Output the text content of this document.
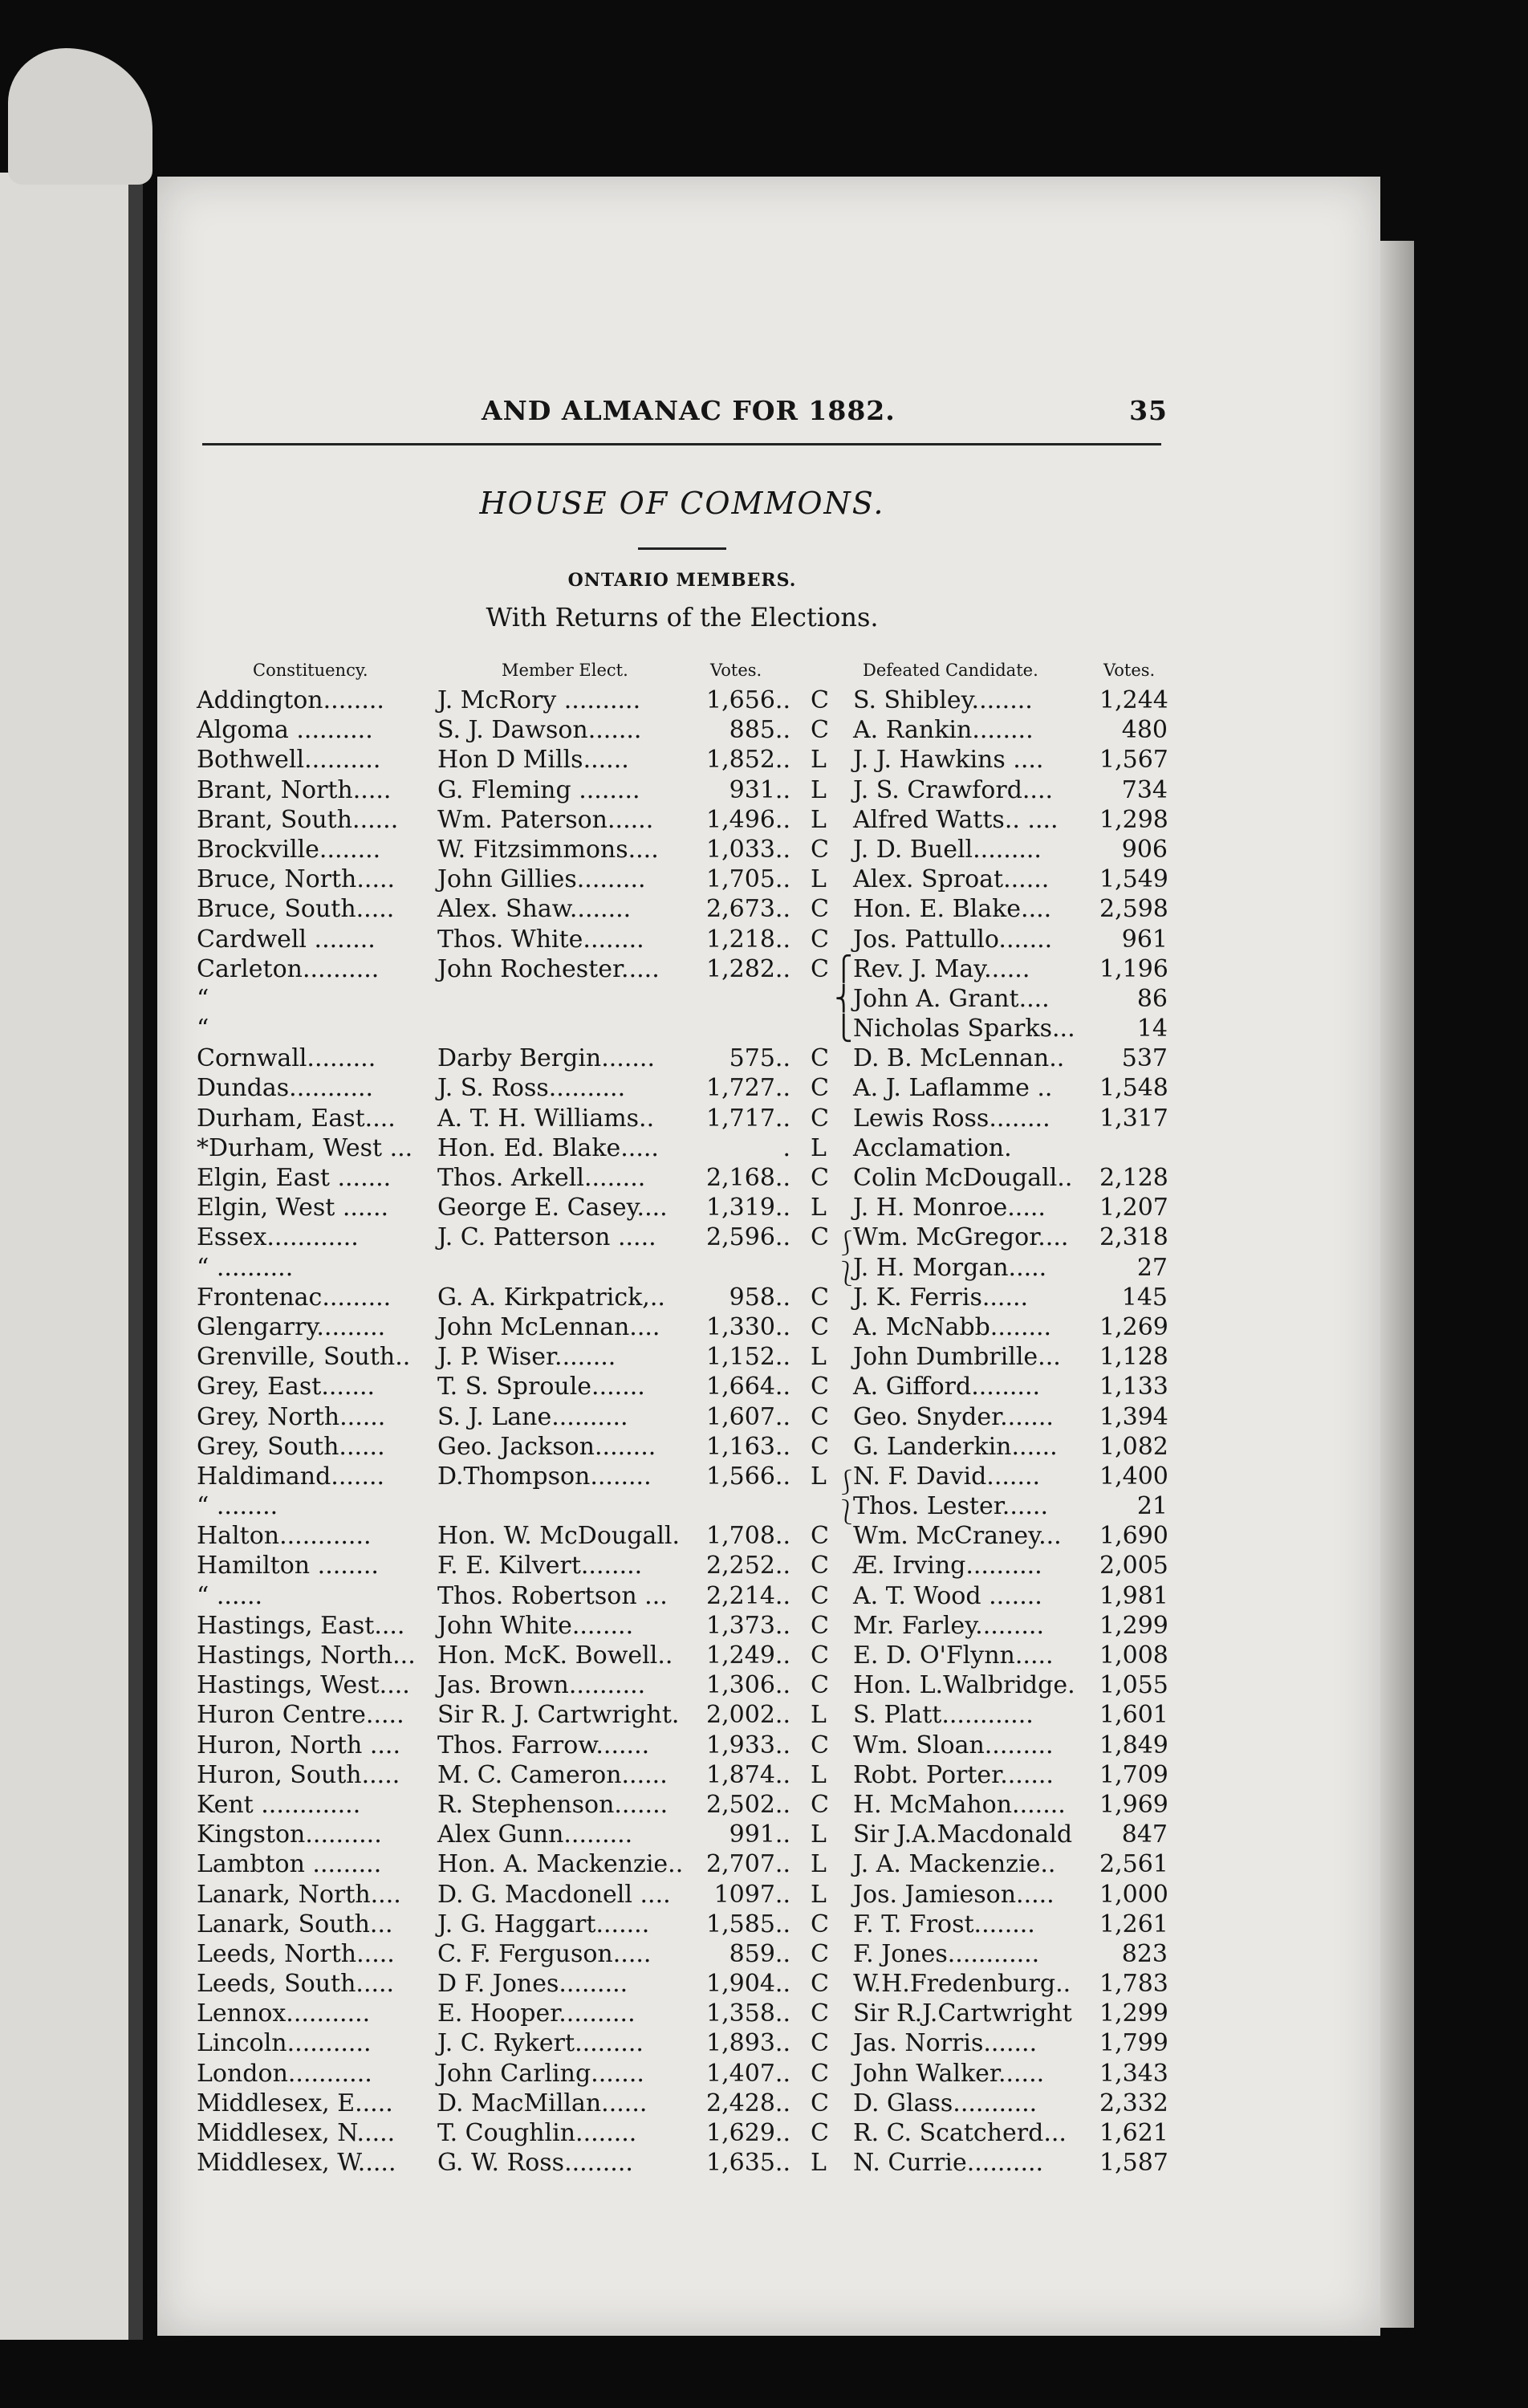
AND ALMANAC FOR 1882.	35
HOUSE OF COMMONS.
ONTARIO MEMBERS.
With Returns of the Elections.
Constituency.	Member Elect.	Votes.	Defeated Candidate.	Votes.
Addington........ J. McRory ..........	1,656.. C S. Shibley........	1,244
Algoma ..........	S. J. Dawson.......	885.. C A. Rankin........	480
Bothwell.......... Hon D Mills......	1,852.. L J. J. Hawkins .... 1,567
Brant, North..... G. Fleming ........	931.. L J. S. Crawford....	734
Brant, South...... Wm. Paterson...... 1,496.. L Alfred Watts.. .... 1,298
Brockville........ W. Fitzsimmons.... 1,033.. C J. D. Buell.........	906
Bruce, North..... John Gillies.........	1,705.. L Alex. Sproat...... 1,549
Bruce, South..... Alex. Shaw........	2,673.. C Hon. E. Blake.... 2,598
Cardwell ........	Thos. White........	1,218.. C Jos. Pattullo.......	961
Carleton.......... John Rochester..... 1,282.. C Rev. J. May......	1,196
⎧
“	John A. Grant....	86
⎨
“	Nicholas Sparks...	14
⎩
Cornwall.........	Darby Bergin.......	575.. C D. B. McLennan..	537
Dundas...........	J. S. Ross..........	1,727.. C A. J. Laflamme .. 1,548
Durham, East.... A. T. H. Williams.. 1,717.. C Lewis Ross........ 1,317
*Durham, West ... Hon. Ed. Blake.....	. L Acclamation.
Elgin, East ....... Thos. Arkell........	2,168.. C Colin McDougall.. 2,128
Elgin, West ...... George E. Casey.... 1,319.. L J. H. Monroe..... 1,207
Essex............	J. C. Patterson ..... 2,596.. C Wm. McGregor.... 2,318
⎰
“ ..........	J. H. Morgan.....	27
⎱
Frontenac......... G. A. Kirkpatrick,..	958.. C J. K. Ferris......	145
Glengarry......... John McLennan.... 1,330.. C A. McNabb........ 1,269
Grenville, South.. J. P. Wiser........	1,152.. L John Dumbrille... 1,128
Grey, East.......	T. S. Sproule.......	1,664.. C A. Gifford......... 1,133
Grey, North...... S. J. Lane..........	1,607.. C Geo. Snyder....... 1,394
Grey, South...... Geo. Jackson........ 1,163.. C G. Landerkin...... 1,082
Haldimand....... D.Thompson........ 1,566.. L N. F. David....... 1,400
⎰
“ ........	Thos. Lester......	21
⎱
Halton............	Hon. W. McDougall. 1,708.. C Wm. McCraney... 1,690
Hamilton ........ F. E. Kilvert........	2,252.. C Æ. Irving.......... 2,005
“ ......	Thos. Robertson ... 2,214.. C A. T. Wood ....... 1,981
Hastings, East.... John White........	1,373.. C Mr. Farley......... 1,299
Hastings, North... Hon. McK. Bowell.. 1,249.. C E. D. O'Flynn..... 1,008
Hastings, West.... Jas. Brown..........	1,306.. C Hon. L.Walbridge. 1,055
Huron Centre..... Sir R. J. Cartwright. 2,002.. L S. Platt............	1,601
Huron, North .... Thos. Farrow....... 1,933.. C Wm. Sloan......... 1,849
Huron, South..... M. C. Cameron...... 1,874.. L Robt. Porter....... 1,709
Kent .............	R. Stephenson....... 2,502.. C H. McMahon....... 1,969
Kingston.......... Alex Gunn.........	991.. L Sir J.A.Macdonald	847
Lambton ......... Hon. A. Mackenzie.. 2,707.. L J. A. Mackenzie.. 2,561
Lanark, North.... D. G. Macdonell ....	1097.. L Jos. Jamieson..... 1,000
Lanark, South... J. G. Haggart....... 1,585.. C F. T. Frost........	1,261
Leeds, North..... C. F. Ferguson.....	859.. C F. Jones............	823
Leeds, South..... D F. Jones.........	1,904.. C W.H.Fredenburg.. 1,783
Lennox...........	E. Hooper..........	1,358.. C Sir R.J.Cartwright 1,299
Lincoln...........	J. C. Rykert.........	1,893.. C Jas. Norris.......	1,799
London...........	John Carling.......	1,407.. C John Walker...... 1,343
Middlesex, E..... D. MacMillan...... 2,428.. C D. Glass...........	2,332
Middlesex, N..... T. Coughlin........	1,629.. C R. C. Scatcherd... 1,621
Middlesex, W..... G. W. Ross.........	1,635.. L N. Currie.......... 1,587
